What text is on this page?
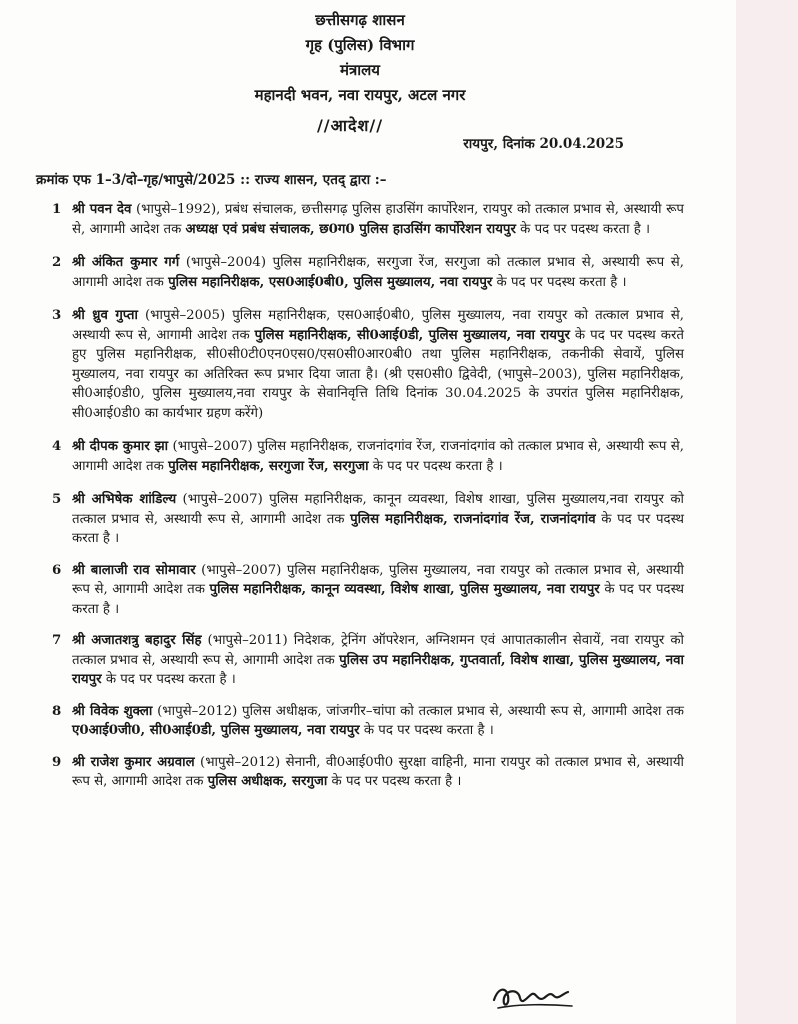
छत्तीसगढ़ शासन
गृह (पुलिस) विभाग
मंत्रालय
महानदी भवन, नवा रायपुर, अटल नगर
//आदेश//
रायपुर, दिनांक 20.04.2025
क्रमांक एफ 1–3/दो–गृह/भापुसे/2025 :: राज्य शासन, एतद् द्वारा :–
1 श्री पवन देव (भापुसे–1992), प्रबंध संचालक, छत्तीसगढ़ पुलिस हाउसिंग कार्पोरेशन, रायपुर को तत्काल प्रभाव से, अस्थायी रूप से, आगामी आदेश तक अध्यक्ष एवं प्रबंध संचालक, छ0ग0 पुलिस हाउसिंग कार्पोरेशन रायपुर के पद पर पदस्थ करता है ।
2 श्री अंकित कुमार गर्ग (भापुसे–2004) पुलिस महानिरीक्षक, सरगुजा रेंज, सरगुजा को तत्काल प्रभाव से, अस्थायी रूप से, आगामी आदेश तक पुलिस महानिरीक्षक, एस0आई0बी0, पुलिस मुख्यालय, नवा रायपुर के पद पर पदस्थ करता है ।
3 श्री ध्रुव गुप्ता (भापुसे–2005) पुलिस महानिरीक्षक, एस0आई0बी0, पुलिस मुख्यालय, नवा रायपुर को तत्काल प्रभाव से, अस्थायी रूप से, आगामी आदेश तक पुलिस महानिरीक्षक, सी0आई0डी, पुलिस मुख्यालय, नवा रायपुर के पद पर पदस्थ करते हुए पुलिस महानिरीक्षक, सी0सी0टी0एन0एस0/एस0सी0आर0बी0 तथा पुलिस महानिरीक्षक, तकनीकी सेवायें, पुलिस मुख्यालय, नवा रायपुर का अतिरिक्त रूप प्रभार दिया जाता है। (श्री एस0सी0 द्विवेदी, (भापुसे–2003), पुलिस महानिरीक्षक, सी0आई0डी0, पुलिस मुख्यालय,नवा रायपुर के सेवानिवृत्ति तिथि दिनांक 30.04.2025 के उपरांत पुलिस महानिरीक्षक, सी0आई0डी0 का कार्यभार ग्रहण करेंगे)
4 श्री दीपक कुमार झा (भापुसे–2007) पुलिस महानिरीक्षक, राजनांदगांव रेंज, राजनांदगांव को तत्काल प्रभाव से, अस्थायी रूप से, आगामी आदेश तक पुलिस महानिरीक्षक, सरगुजा रेंज, सरगुजा के पद पर पदस्थ करता है ।
5 श्री अभिषेक शांडिल्य (भापुसे–2007) पुलिस महानिरीक्षक, कानून व्यवस्था, विशेष शाखा, पुलिस मुख्यालय,नवा रायपुर को तत्काल प्रभाव से, अस्थायी रूप से, आगामी आदेश तक पुलिस महानिरीक्षक, राजनांदगांव रेंज, राजनांदगांव के पद पर पदस्थ करता है ।
6 श्री बालाजी राव सोमावार (भापुसे–2007) पुलिस महानिरीक्षक, पुलिस मुख्यालय, नवा रायपुर को तत्काल प्रभाव से, अस्थायी रूप से, आगामी आदेश तक पुलिस महानिरीक्षक, कानून व्यवस्था, विशेष शाखा, पुलिस मुख्यालय, नवा रायपुर के पद पर पदस्थ करता है ।
7 श्री अजातशत्रु बहादुर सिंह (भापुसे–2011) निदेशक, ट्रेनिंग ऑपरेशन, अग्निशमन एवं आपातकालीन सेवायें, नवा रायपुर को तत्काल प्रभाव से, अस्थायी रूप से, आगामी आदेश तक पुलिस उप महानिरीक्षक, गुप्तवार्ता, विशेष शाखा, पुलिस मुख्यालय, नवा रायपुर के पद पर पदस्थ करता है ।
8 श्री विवेक शुक्ला (भापुसे–2012) पुलिस अधीक्षक, जांजगीर–चांपा को तत्काल प्रभाव से, अस्थायी रूप से, आगामी आदेश तक ए0आई0जी0, सी0आई0डी, पुलिस मुख्यालय, नवा रायपुर के पद पर पदस्थ करता है ।
9 श्री राजेश कुमार अग्रवाल (भापुसे–2012) सेनानी, वी0आई0पी0 सुरक्षा वाहिनी, माना रायपुर को तत्काल प्रभाव से, अस्थायी रूप से, आगामी आदेश तक पुलिस अधीक्षक, सरगुजा के पद पर पदस्थ करता है ।
